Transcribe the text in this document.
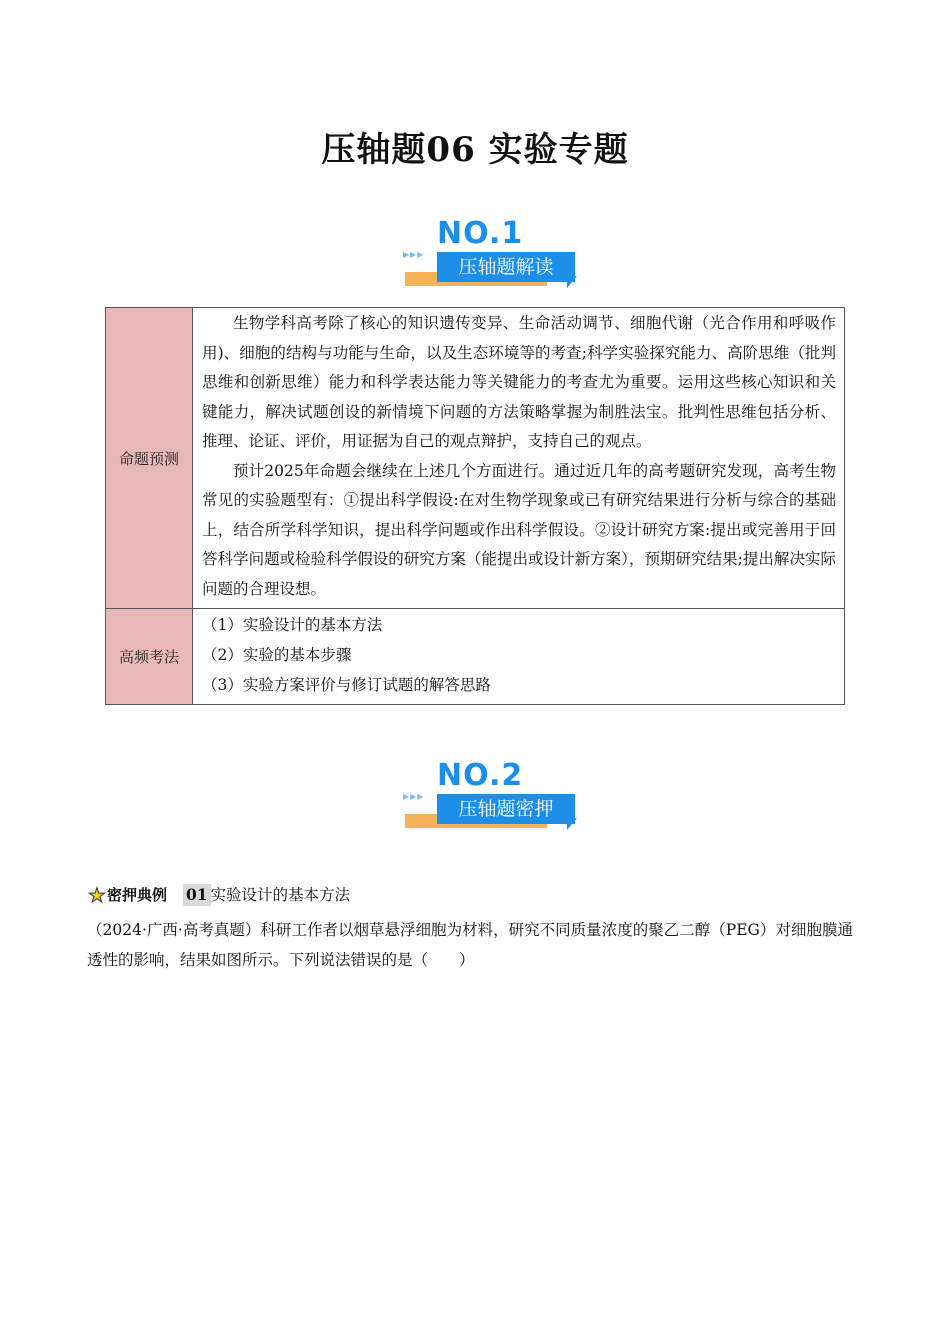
压轴题06 实验专题
▶▶▶
NO.1
压轴题解读
命题预测	生物学科高考除了核心的知识遗传变异、生命活动调节、细胞代谢（光合作用和呼吸作用)、细胞的结构与功能与生命，以及生态环境等的考查;科学实验探究能力、高阶思维（批判思维和创新思维）能力和科学表达能力等关键能力的考查尤为重要。运用这些核心知识和关键能力，解决试题创设的新情境下问题的方法策略掌握为制胜法宝。批判性思维包括分析、推理、论证、评价，用证据为自己的观点辩护，支持自己的观点。

预计2025年命题会继续在上述几个方面进行。通过近几年的高考题研究发现，高考生物常见的实验题型有：①提出科学假设:在对生物学现象或已有研究结果进行分析与综合的基础上，结合所学科学知识，提出科学问题或作出科学假设。②设计研究方案:提出或完善用于回答科学问题或检验科学假设的研究方案（能提出或设计新方案），预期研究结果;提出解决实际问题的合理设想。

高频考法	（1）实验设计的基本方法
（2）实验的基本步骤
（3）实验方案评价与修订试题的解答思路
▶▶▶
NO.2
压轴题密押
★ 密押典例 01 实验设计的基本方法
（2024·广西·高考真题）科研工作者以烟草悬浮细胞为材料，研究不同质量浓度的聚乙二醇（PEG）对细胞膜通透性的影响，结果如图所示。下列说法错误的是（　　）
